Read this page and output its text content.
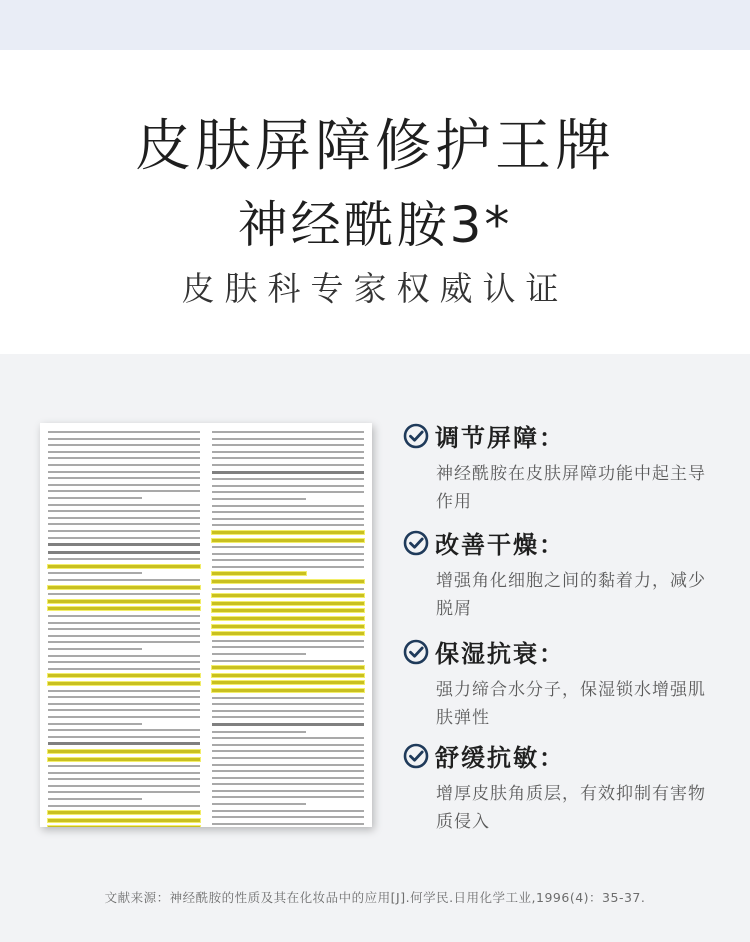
皮肤屏障修护王牌
神经酰胺3*
皮肤科专家权威认证
调节屏障：
神经酰胺在皮肤屏障功能中起主导作用
改善干燥：
增强角化细胞之间的黏着力，减少脱屑
保湿抗衰：
强力缔合水分子，保湿锁水增强肌肤弹性
舒缓抗敏：
增厚皮肤角质层，有效抑制有害物质侵入
文献来源：神经酰胺的性质及其在化妆品中的应用[J].何学民.日用化学工业,1996(4)：35-37.
